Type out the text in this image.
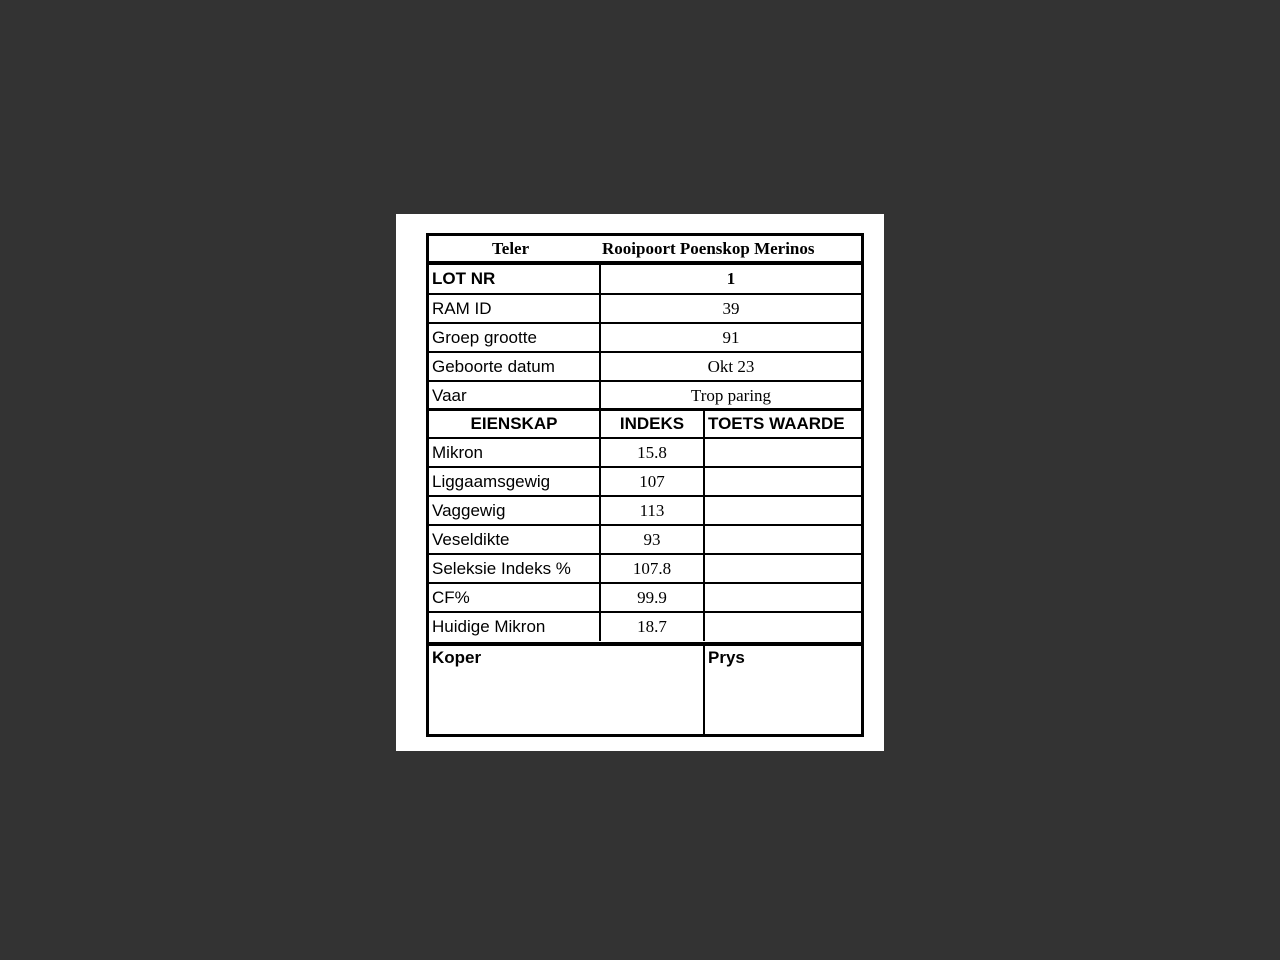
Teler	Rooipoort Poenskop Merinos
LOT NR	1
RAM ID	39
Groep grootte	91
Geboorte datum	Okt 23
Vaar	Trop paring
EIENSKAP	INDEKS	TOETS WAARDE
Mikron	15.8	
Liggaamsgewig	107	
Vaggewig	113	
Veseldikte	93	
Seleksie Indeks %	107.8	
CF%	99.9	
Huidige Mikron	18.7	
Koper	Prys
